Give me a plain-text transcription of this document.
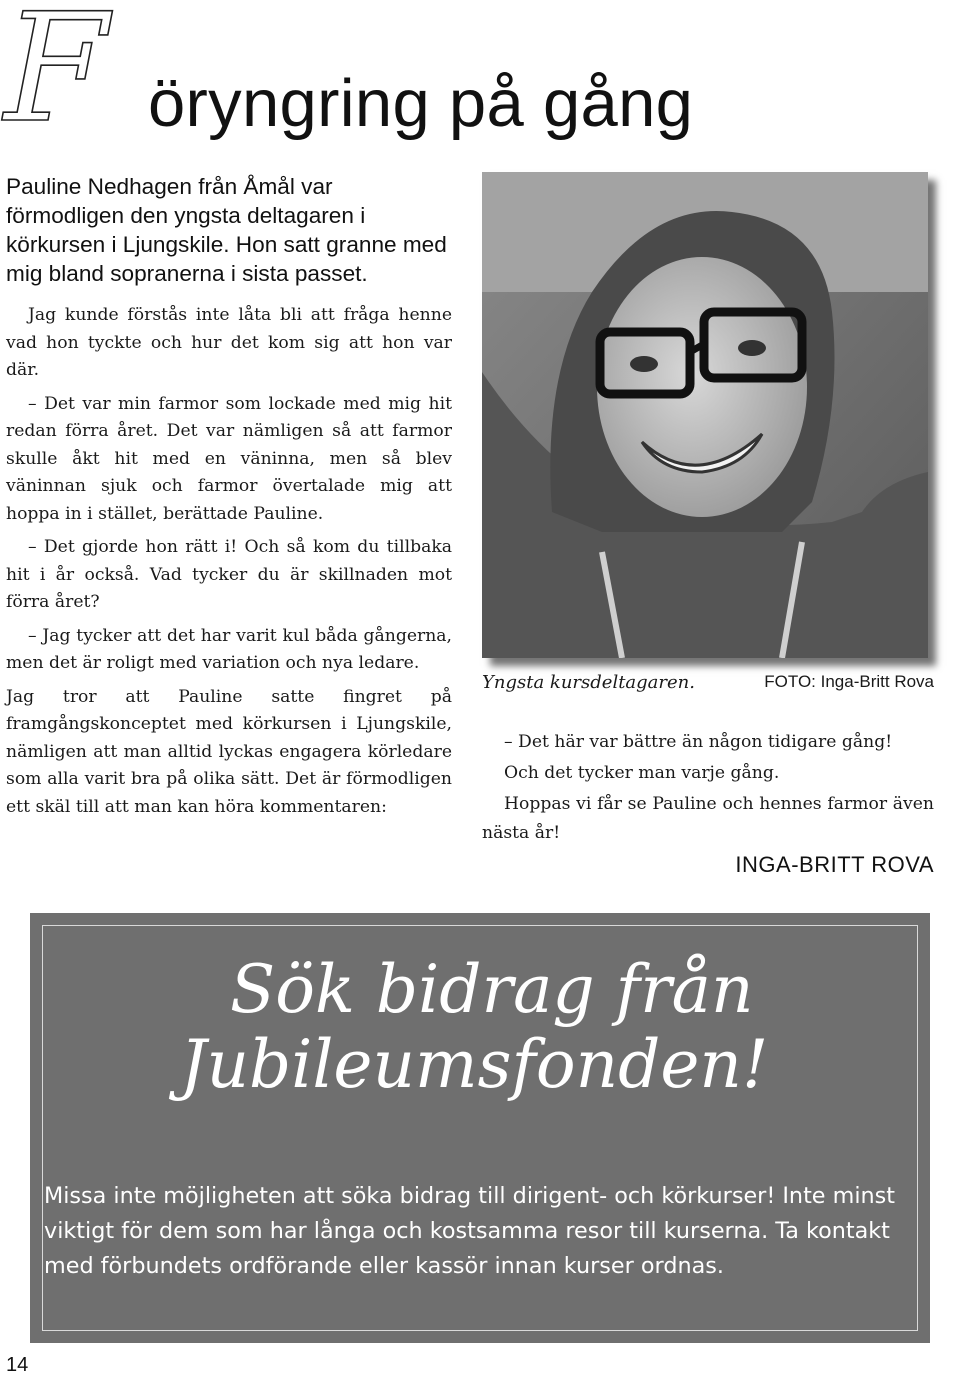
F öryngring på gång

Pauline Nedhagen från Åmål var förmodligen den yngsta deltagaren i körkursen i Ljungskile. Hon satt granne med mig bland sopranerna i sista passet.

Jag kunde förstås inte låta bli att fråga henne vad hon tyckte och hur det kom sig att hon var där.

– Det var min farmor som lockade med mig hit redan förra året. Det var nämligen så att farmor skulle åkt hit med en väninna, men så blev väninnan sjuk och farmor övertalade mig att hoppa in i stället, berättade Pauline.

– Det gjorde hon rätt i! Och så kom du tillbaka hit i år också. Vad tycker du är skillnaden mot förra året?

– Jag tycker att det har varit kul båda gångerna, men det är roligt med variation och nya ledare.

Jag tror att Pauline satte fingret på framgångskonceptet med körkursen i Ljungskile, nämligen att man alltid lyckas engagera körledare som alla varit bra på olika sätt. Det är förmodligen ett skäl till att man kan höra kommentaren:

Yngsta kursdeltagaren.	FOTO: Inga-Britt Rova

– Det här var bättre än någon tidigare gång!

Och det tycker man varje gång.

Hoppas vi får se Pauline och hennes farmor även nästa år!

INGA-BRITT ROVA
Sök bidrag från
Jubileumsfonden!
Missa inte möjligheten att söka bidrag till dirigent- och körkurser! Inte minst viktigt för dem som har långa och kostsamma resor till kurserna. Ta kontakt med förbundets ordförande eller kassör innan kurser ordnas.
14
